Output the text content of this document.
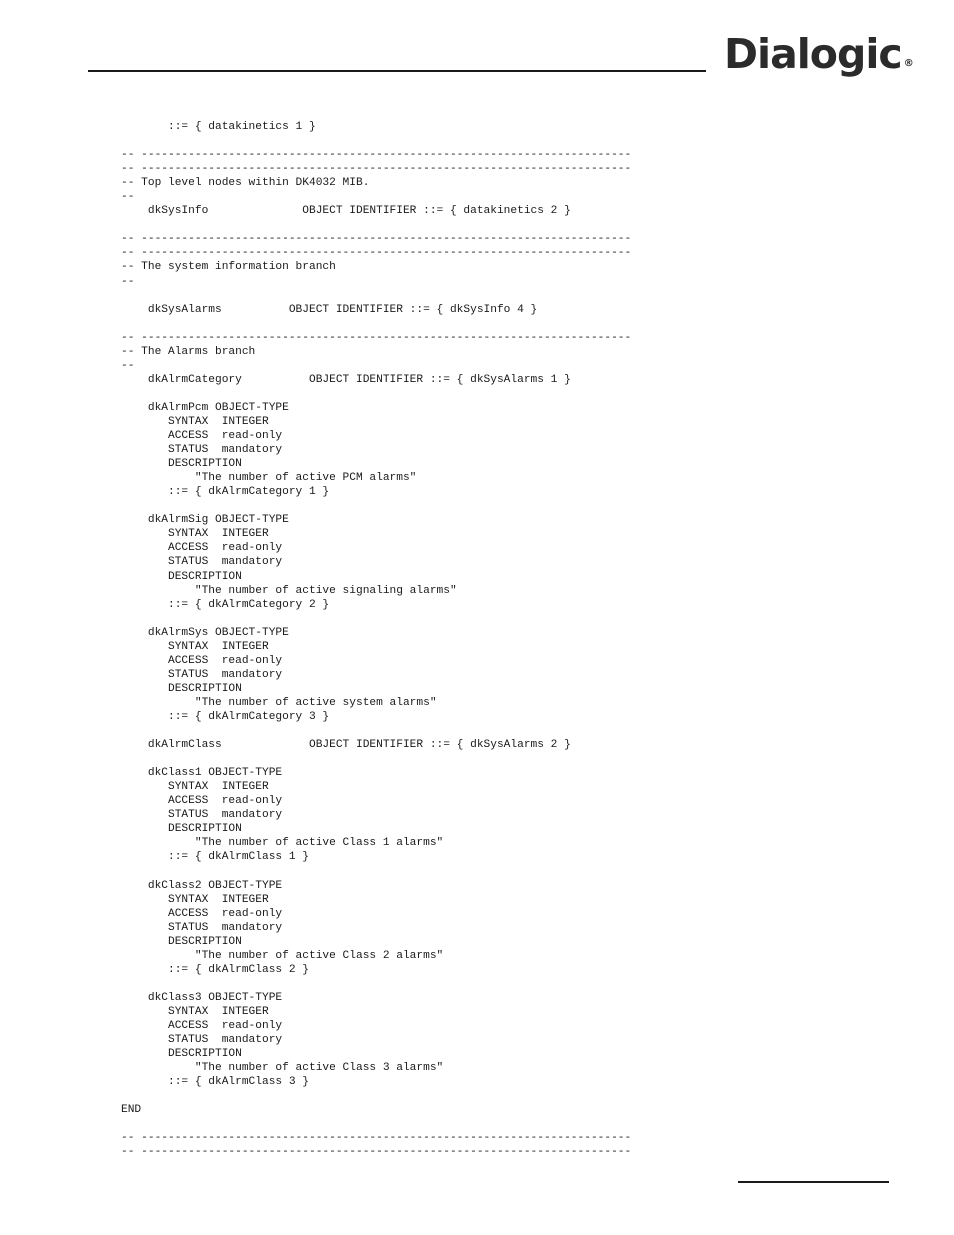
Dialogic ®
::= { datakinetics 1 }
-- -------------------------------------------------------------------------
-- -------------------------------------------------------------------------
-- Top level nodes within DK4032 MIB.
--
dkSysInfo              OBJECT IDENTIFIER ::= { datakinetics 2 }
-- -------------------------------------------------------------------------
-- -------------------------------------------------------------------------
-- The system information branch
--
dkSysAlarms          OBJECT IDENTIFIER ::= { dkSysInfo 4 }
-- -------------------------------------------------------------------------
-- The Alarms branch
--
dkAlrmCategory          OBJECT IDENTIFIER ::= { dkSysAlarms 1 }
dkAlrmPcm OBJECT-TYPE
SYNTAX  INTEGER
ACCESS  read-only
STATUS  mandatory
DESCRIPTION
"The number of active PCM alarms"
::= { dkAlrmCategory 1 }
dkAlrmSig OBJECT-TYPE
SYNTAX  INTEGER
ACCESS  read-only
STATUS  mandatory
DESCRIPTION
"The number of active signaling alarms"
::= { dkAlrmCategory 2 }
dkAlrmSys OBJECT-TYPE
SYNTAX  INTEGER
ACCESS  read-only
STATUS  mandatory
DESCRIPTION
"The number of active system alarms"
::= { dkAlrmCategory 3 }
dkAlrmClass             OBJECT IDENTIFIER ::= { dkSysAlarms 2 }
dkClass1 OBJECT-TYPE
SYNTAX  INTEGER
ACCESS  read-only
STATUS  mandatory
DESCRIPTION
"The number of active Class 1 alarms"
::= { dkAlrmClass 1 }
dkClass2 OBJECT-TYPE
SYNTAX  INTEGER
ACCESS  read-only
STATUS  mandatory
DESCRIPTION
"The number of active Class 2 alarms"
::= { dkAlrmClass 2 }
dkClass3 OBJECT-TYPE
SYNTAX  INTEGER
ACCESS  read-only
STATUS  mandatory
DESCRIPTION
"The number of active Class 3 alarms"
::= { dkAlrmClass 3 }
END
-- -------------------------------------------------------------------------
-- -------------------------------------------------------------------------
